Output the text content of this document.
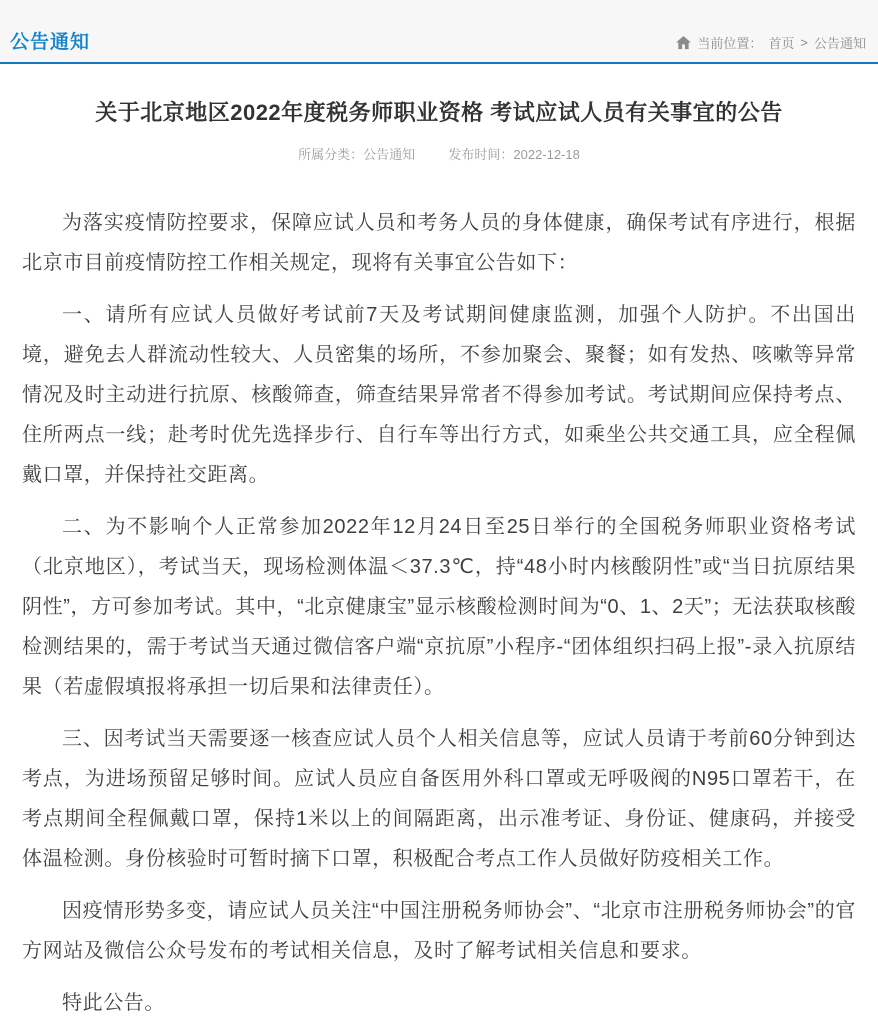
公告通知	当前位置： 首页 > 公告通知
关于北京地区2022年度税务师职业资格 考试应试人员有关事宜的公告
所属分类：公告通知	发布时间：2022-12-18

为落实疫情防控要求，保障应试人员和考务人员的身体健康，确保考试有序进行，根据北京市目前疫情防控工作相关规定，现将有关事宜公告如下：

一、请所有应试人员做好考试前7天及考试期间健康监测，加强个人防护。不出国出境，避免去人群流动性较大、人员密集的场所，不参加聚会、聚餐；如有发热、咳嗽等异常情况及时主动进行抗原、核酸筛查，筛查结果异常者不得参加考试。考试期间应保持考点、住所两点一线；赴考时优先选择步行、自行车等出行方式，如乘坐公共交通工具，应全程佩戴口罩，并保持社交距离。

二、为不影响个人正常参加2022年12月24日至25日举行的全国税务师职业资格考试（北京地区），考试当天，现场检测体温＜37.3℃，持“48小时内核酸阴性”或“当日抗原结果阴性”，方可参加考试。其中，“北京健康宝”显示核酸检测时间为“0、1、2天”；无法获取核酸检测结果的，需于考试当天通过微信客户端“京抗原”小程序-“团体组织扫码上报”-录入抗原结果（若虚假填报将承担一切后果和法律责任）。

三、因考试当天需要逐一核查应试人员个人相关信息等，应试人员请于考前60分钟到达考点，为进场预留足够时间。应试人员应自备医用外科口罩或无呼吸阀的N95口罩若干，在考点期间全程佩戴口罩，保持1米以上的间隔距离，出示准考证、身份证、健康码，并接受体温检测。身份核验时可暂时摘下口罩，积极配合考点工作人员做好防疫相关工作。

因疫情形势多变，请应试人员关注“中国注册税务师协会”、“北京市注册税务师协会”的官方网站及微信公众号发布的考试相关信息，及时了解考试相关信息和要求。

特此公告。
